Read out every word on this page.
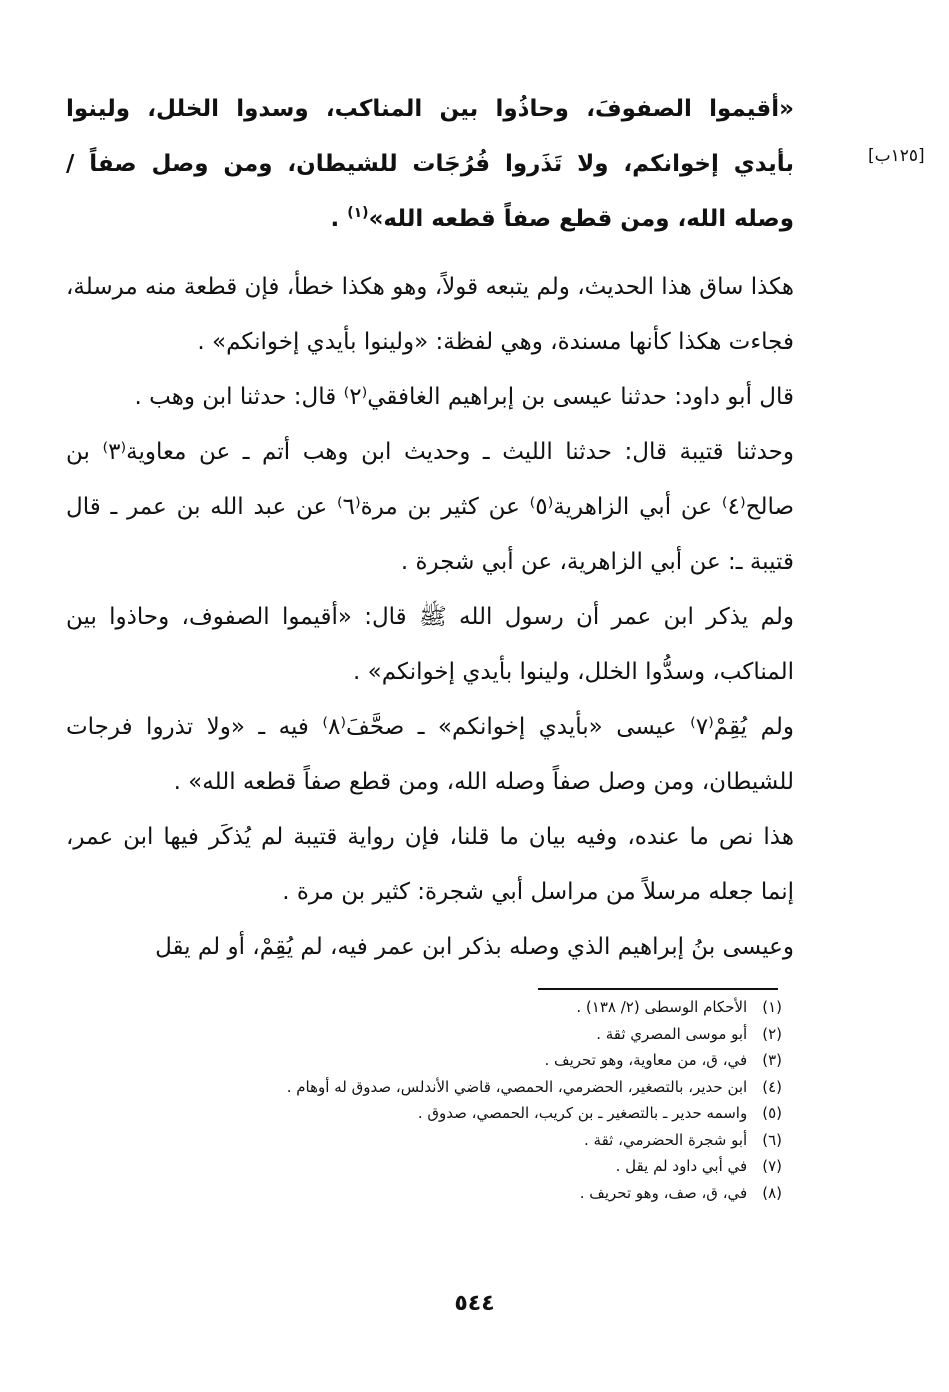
[١٢٥ب]

«أقيموا الصفوفَ، وحاذُوا بين المناكب، وسدوا الخلل، ولينوا بأيدي إخوانكم، ولا تَذَروا فُرُجَات للشيطان، ومن وصل صفاً / وصله الله، ومن قطع صفاً قطعه الله»$^{(١)}$ .

هكذا ساق هذا الحديث، ولم يتبعه قولاً، وهو هكذا خطأ، فإن قطعة منه مرسلة، فجاءت هكذا كأنها مسندة، وهي لفظة: «ولينوا بأيدي إخوانكم» .

قال أبو داود: حدثنا عيسى بن إبراهيم الغافقي⁽٢⁾ قال: حدثنا ابن وهب .

وحدثنا قتيبة قال: حدثنا الليث ـ وحديث ابن وهب أتم ـ عن معاوية⁽٣⁾ بن صالح⁽٤⁾ عن أبي الزاهرية⁽٥⁾ عن كثير بن مرة⁽٦⁾ عن عبد الله بن عمر ـ قال قتيبة ـ: عن أبي الزاهرية، عن أبي شجرة .

ولم يذكر ابن عمر أن رسول الله ﷺ قال: «أقيموا الصفوف، وحاذوا بين المناكب، وسدُّوا الخلل، ولينوا بأيدي إخوانكم» .

ولم يُقِمْ⁽٧⁾ عيسى «بأيدي إخوانكم» ـ صحَّفَ⁽٨⁾ فيه ـ «ولا تذروا فرجات للشيطان، ومن وصل صفاً وصله الله، ومن قطع صفاً قطعه الله» .

هذا نص ما عنده، وفيه بيان ما قلنا، فإن رواية قتيبة لم يُذكَر فيها ابن عمر، إنما جعله مرسلاً من مراسل أبي شجرة: كثير بن مرة .

وعيسى بنُ إبراهيم الذي وصله بذكر ابن عمر فيه، لم يُقِمْ، أو لم يقل

(١) الأحكام الوسطى (٢/ ١٣٨) .
(٢) أبو موسى المصري ثقة .
(٣) في، ق، من معاوية، وهو تحريف .
(٤) ابن حدير، بالتصغير، الحضرمي، الحمصي، قاضي الأندلس، صدوق له أوهام .
(٥) واسمه حدير ـ بالتصغير ـ بن كريب، الحمصي، صدوق .
(٦) أبو شجرة الحضرمي، ثقة .
(٧) في أبي داود لم يقل .
(٨) في، ق، صف، وهو تحريف .
٥٤٤
